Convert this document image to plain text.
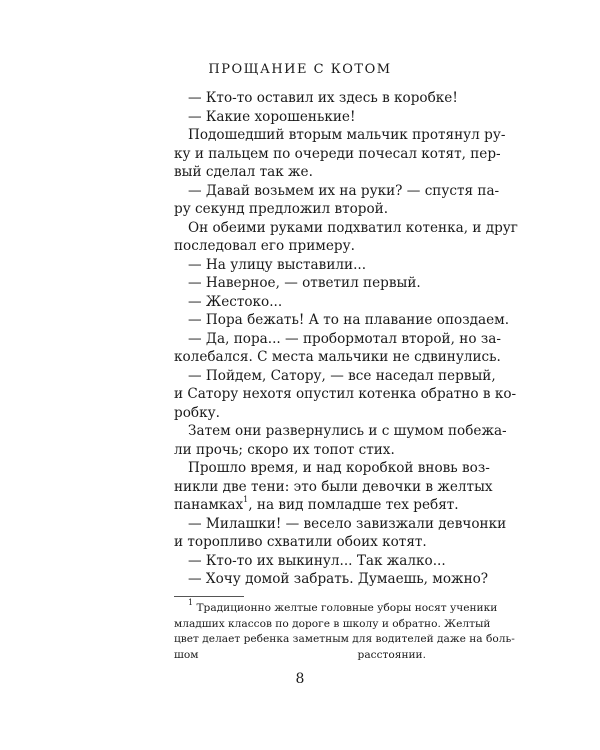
ПРОЩАНИЕ С КОТОМ
— Кто-то оставил их здесь в коробке!
— Какие хорошенькие!
Подошедший вторым мальчик протянул ру-
ку и пальцем по очереди почесал котят, пер-
вый сделал так же.
— Давай возьмем их на руки? — спустя па-
ру секунд предложил второй.
Он обеими руками подхватил котенка, и друг
последовал его примеру.
— На улицу выставили...
— Наверное, — ответил первый.
— Жестоко...
— Пора бежать! А то на плавание опоздаем.
— Да, пора... — пробормотал второй, но за-
колебался. С места мальчики не сдвинулись.
— Пойдем, Сатору, — все наседал первый,
и Сатору нехотя опустил котенка обратно в ко-
робку.
Затем они развернулись и с шумом побежа-
ли прочь; скоро их топот стих.
Прошло время, и над коробкой вновь воз-
никли две тени: это были девочки в желтых
панамках$^1$, на вид помладше тех ребят.
— Милашки! — весело завизжали девчонки
и торопливо схватили обоих котят.
— Кто-то их выкинул... Так жалко...
— Хочу домой забрать. Думаешь, можно?
$^1$ Традиционно желтые головные уборы носят ученики
младших классов по дороге в школу и обратно. Желтый
цвет делает ребенка заметным для водителей даже на боль-
шом расстоянии.
8
